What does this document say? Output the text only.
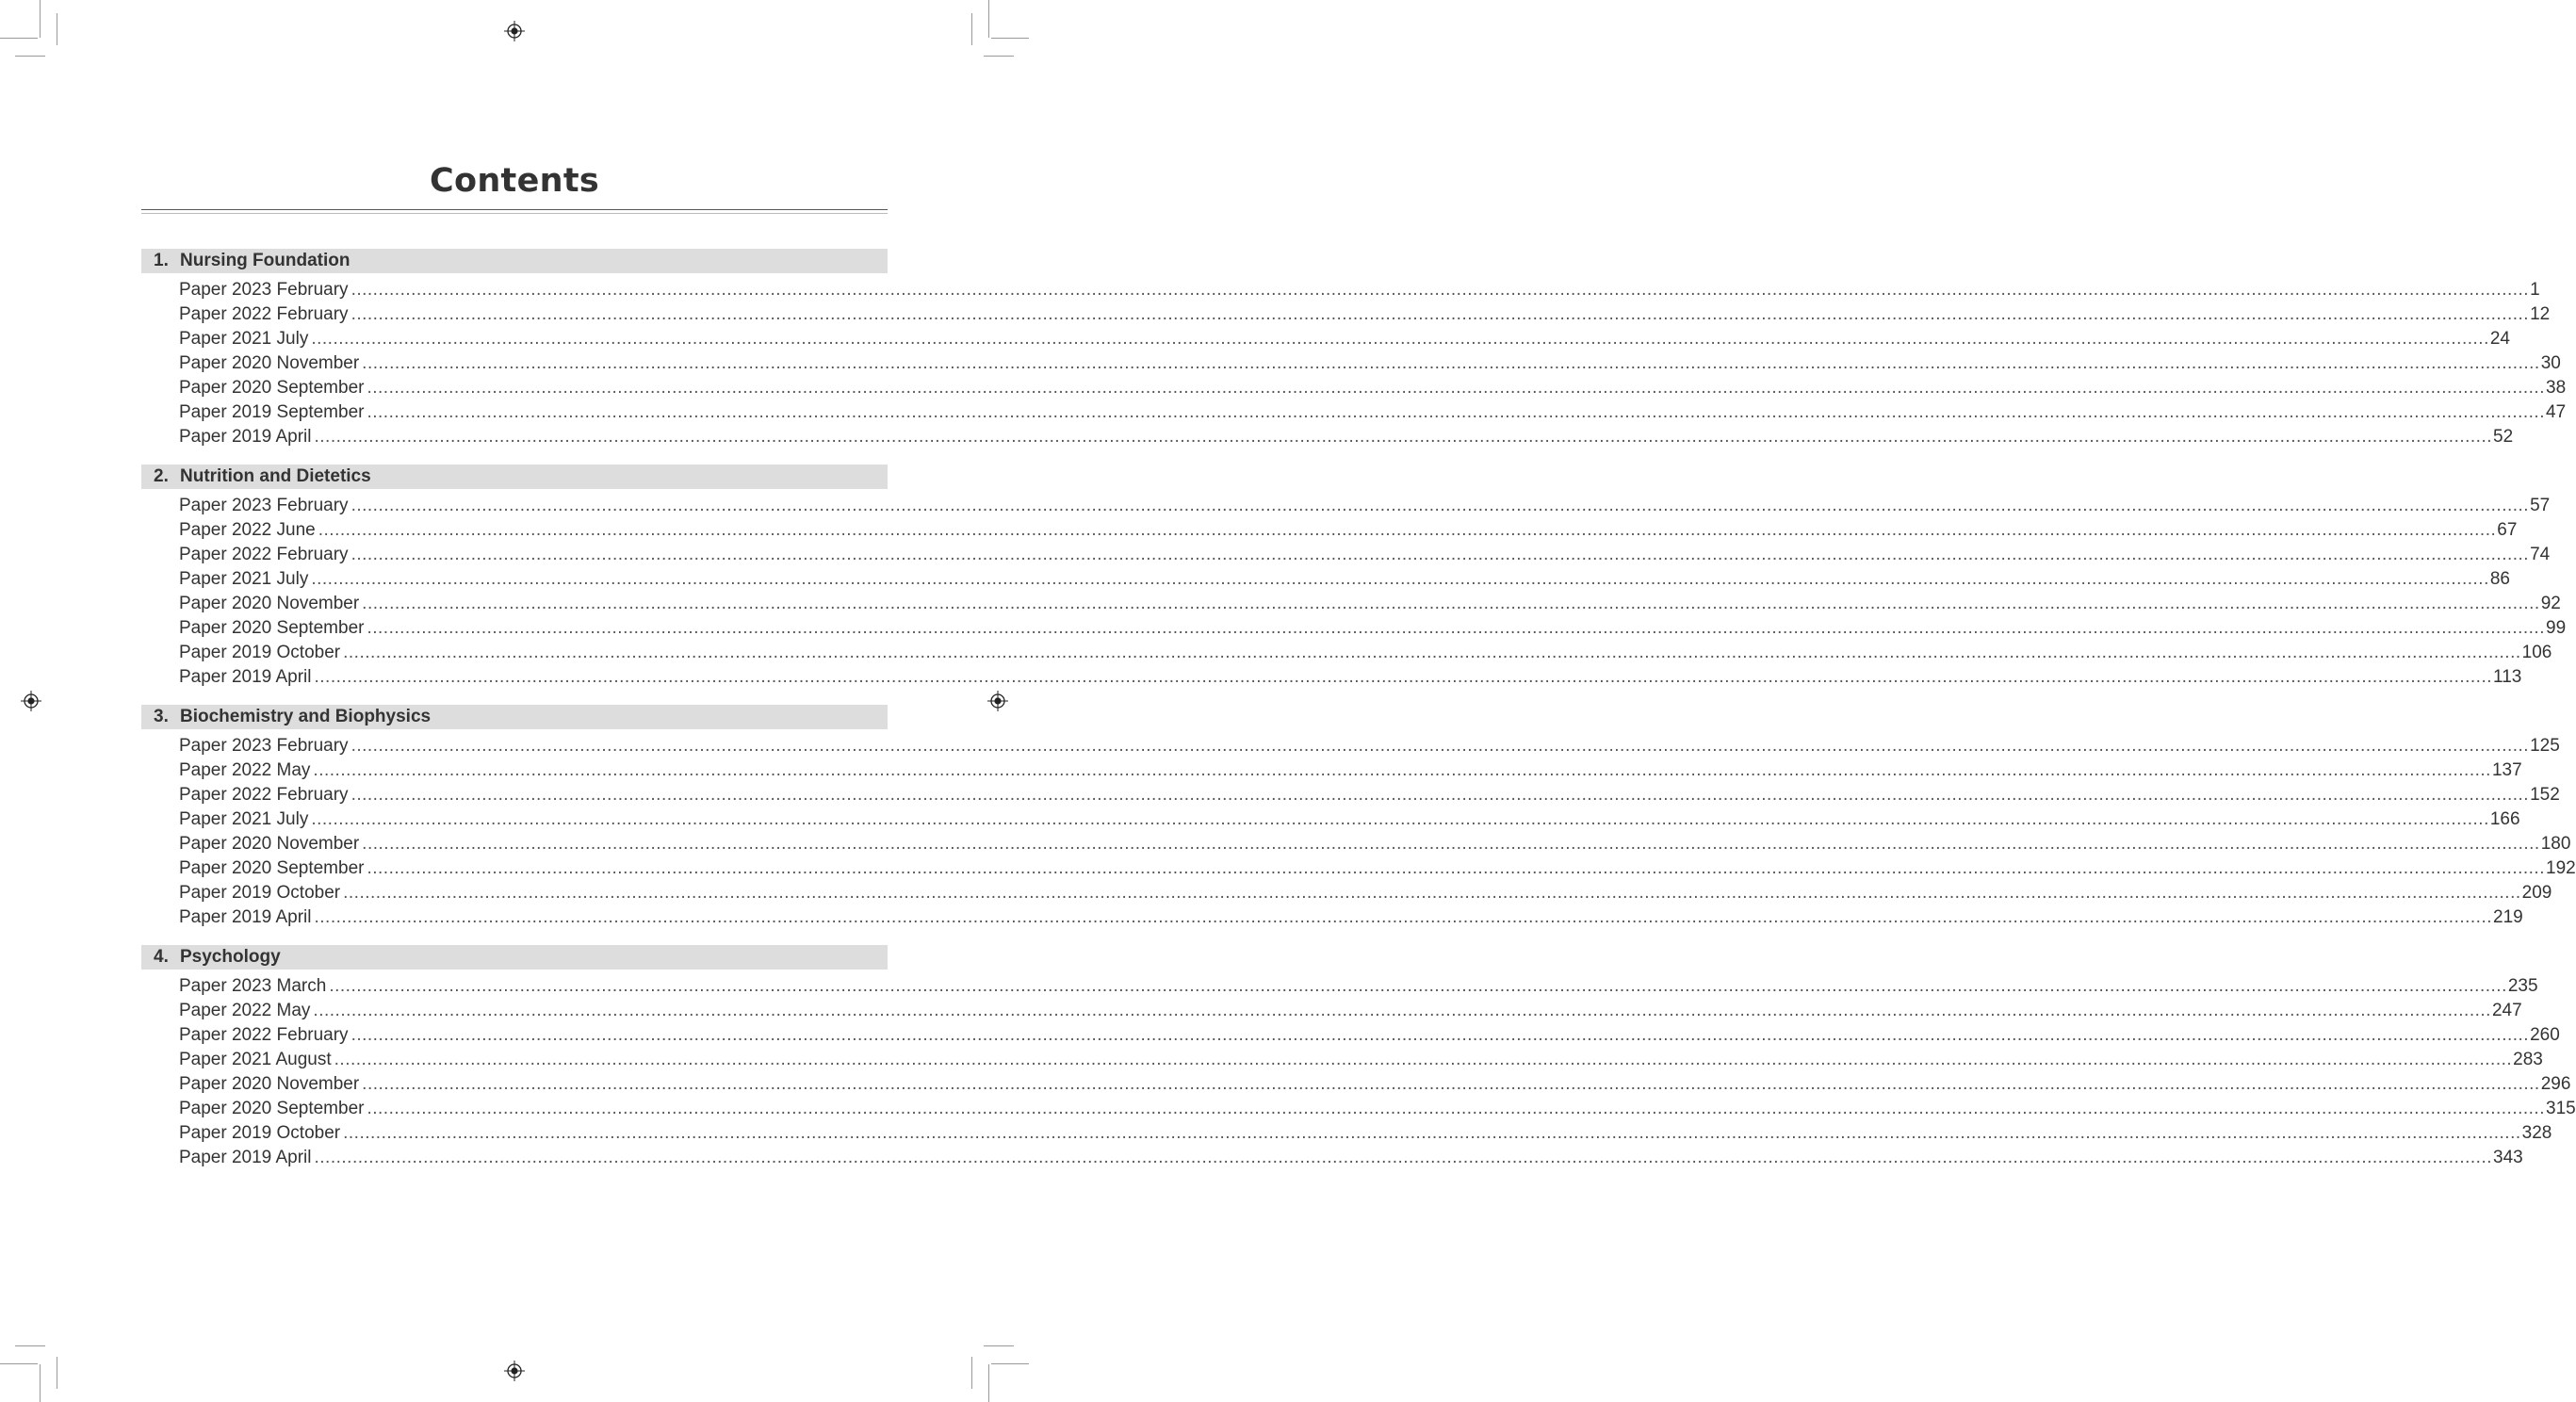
Contents
1. Nursing Foundation
Paper 2023 February ................................................................................................................................................................................................................................................................................................................................................................................................................ 1
Paper 2022 February ................................................................................................................................................................................................................................................................................................................................................................................................................ 12
Paper 2021 July ................................................................................................................................................................................................................................................................................................................................................................................................................ 24
Paper 2020 November ................................................................................................................................................................................................................................................................................................................................................................................................................ 30
Paper 2020 September ................................................................................................................................................................................................................................................................................................................................................................................................................ 38
Paper 2019 September ................................................................................................................................................................................................................................................................................................................................................................................................................ 47
Paper 2019 April ................................................................................................................................................................................................................................................................................................................................................................................................................ 52
2. Nutrition and Dietetics
Paper 2023 February ................................................................................................................................................................................................................................................................................................................................................................................................................ 57
Paper 2022 June ................................................................................................................................................................................................................................................................................................................................................................................................................ 67
Paper 2022 February ................................................................................................................................................................................................................................................................................................................................................................................................................ 74
Paper 2021 July ................................................................................................................................................................................................................................................................................................................................................................................................................ 86
Paper 2020 November ................................................................................................................................................................................................................................................................................................................................................................................................................ 92
Paper 2020 September ................................................................................................................................................................................................................................................................................................................................................................................................................ 99
Paper 2019 October ................................................................................................................................................................................................................................................................................................................................................................................................................ 106
Paper 2019 April ................................................................................................................................................................................................................................................................................................................................................................................................................ 113
3. Biochemistry and Biophysics
Paper 2023 February ................................................................................................................................................................................................................................................................................................................................................................................................................ 125
Paper 2022 May ................................................................................................................................................................................................................................................................................................................................................................................................................ 137
Paper 2022 February ................................................................................................................................................................................................................................................................................................................................................................................................................ 152
Paper 2021 July ................................................................................................................................................................................................................................................................................................................................................................................................................ 166
Paper 2020 November ................................................................................................................................................................................................................................................................................................................................................................................................................ 180
Paper 2020 September ................................................................................................................................................................................................................................................................................................................................................................................................................ 192
Paper 2019 October ................................................................................................................................................................................................................................................................................................................................................................................................................ 209
Paper 2019 April ................................................................................................................................................................................................................................................................................................................................................................................................................ 219
4. Psychology
Paper 2023 March ................................................................................................................................................................................................................................................................................................................................................................................................................ 235
Paper 2022 May ................................................................................................................................................................................................................................................................................................................................................................................................................ 247
Paper 2022 February ................................................................................................................................................................................................................................................................................................................................................................................................................ 260
Paper 2021 August ................................................................................................................................................................................................................................................................................................................................................................................................................ 283
Paper 2020 November ................................................................................................................................................................................................................................................................................................................................................................................................................ 296
Paper 2020 September ................................................................................................................................................................................................................................................................................................................................................................................................................ 315
Paper 2019 October ................................................................................................................................................................................................................................................................................................................................................................................................................ 328
Paper 2019 April ................................................................................................................................................................................................................................................................................................................................................................................................................ 343
